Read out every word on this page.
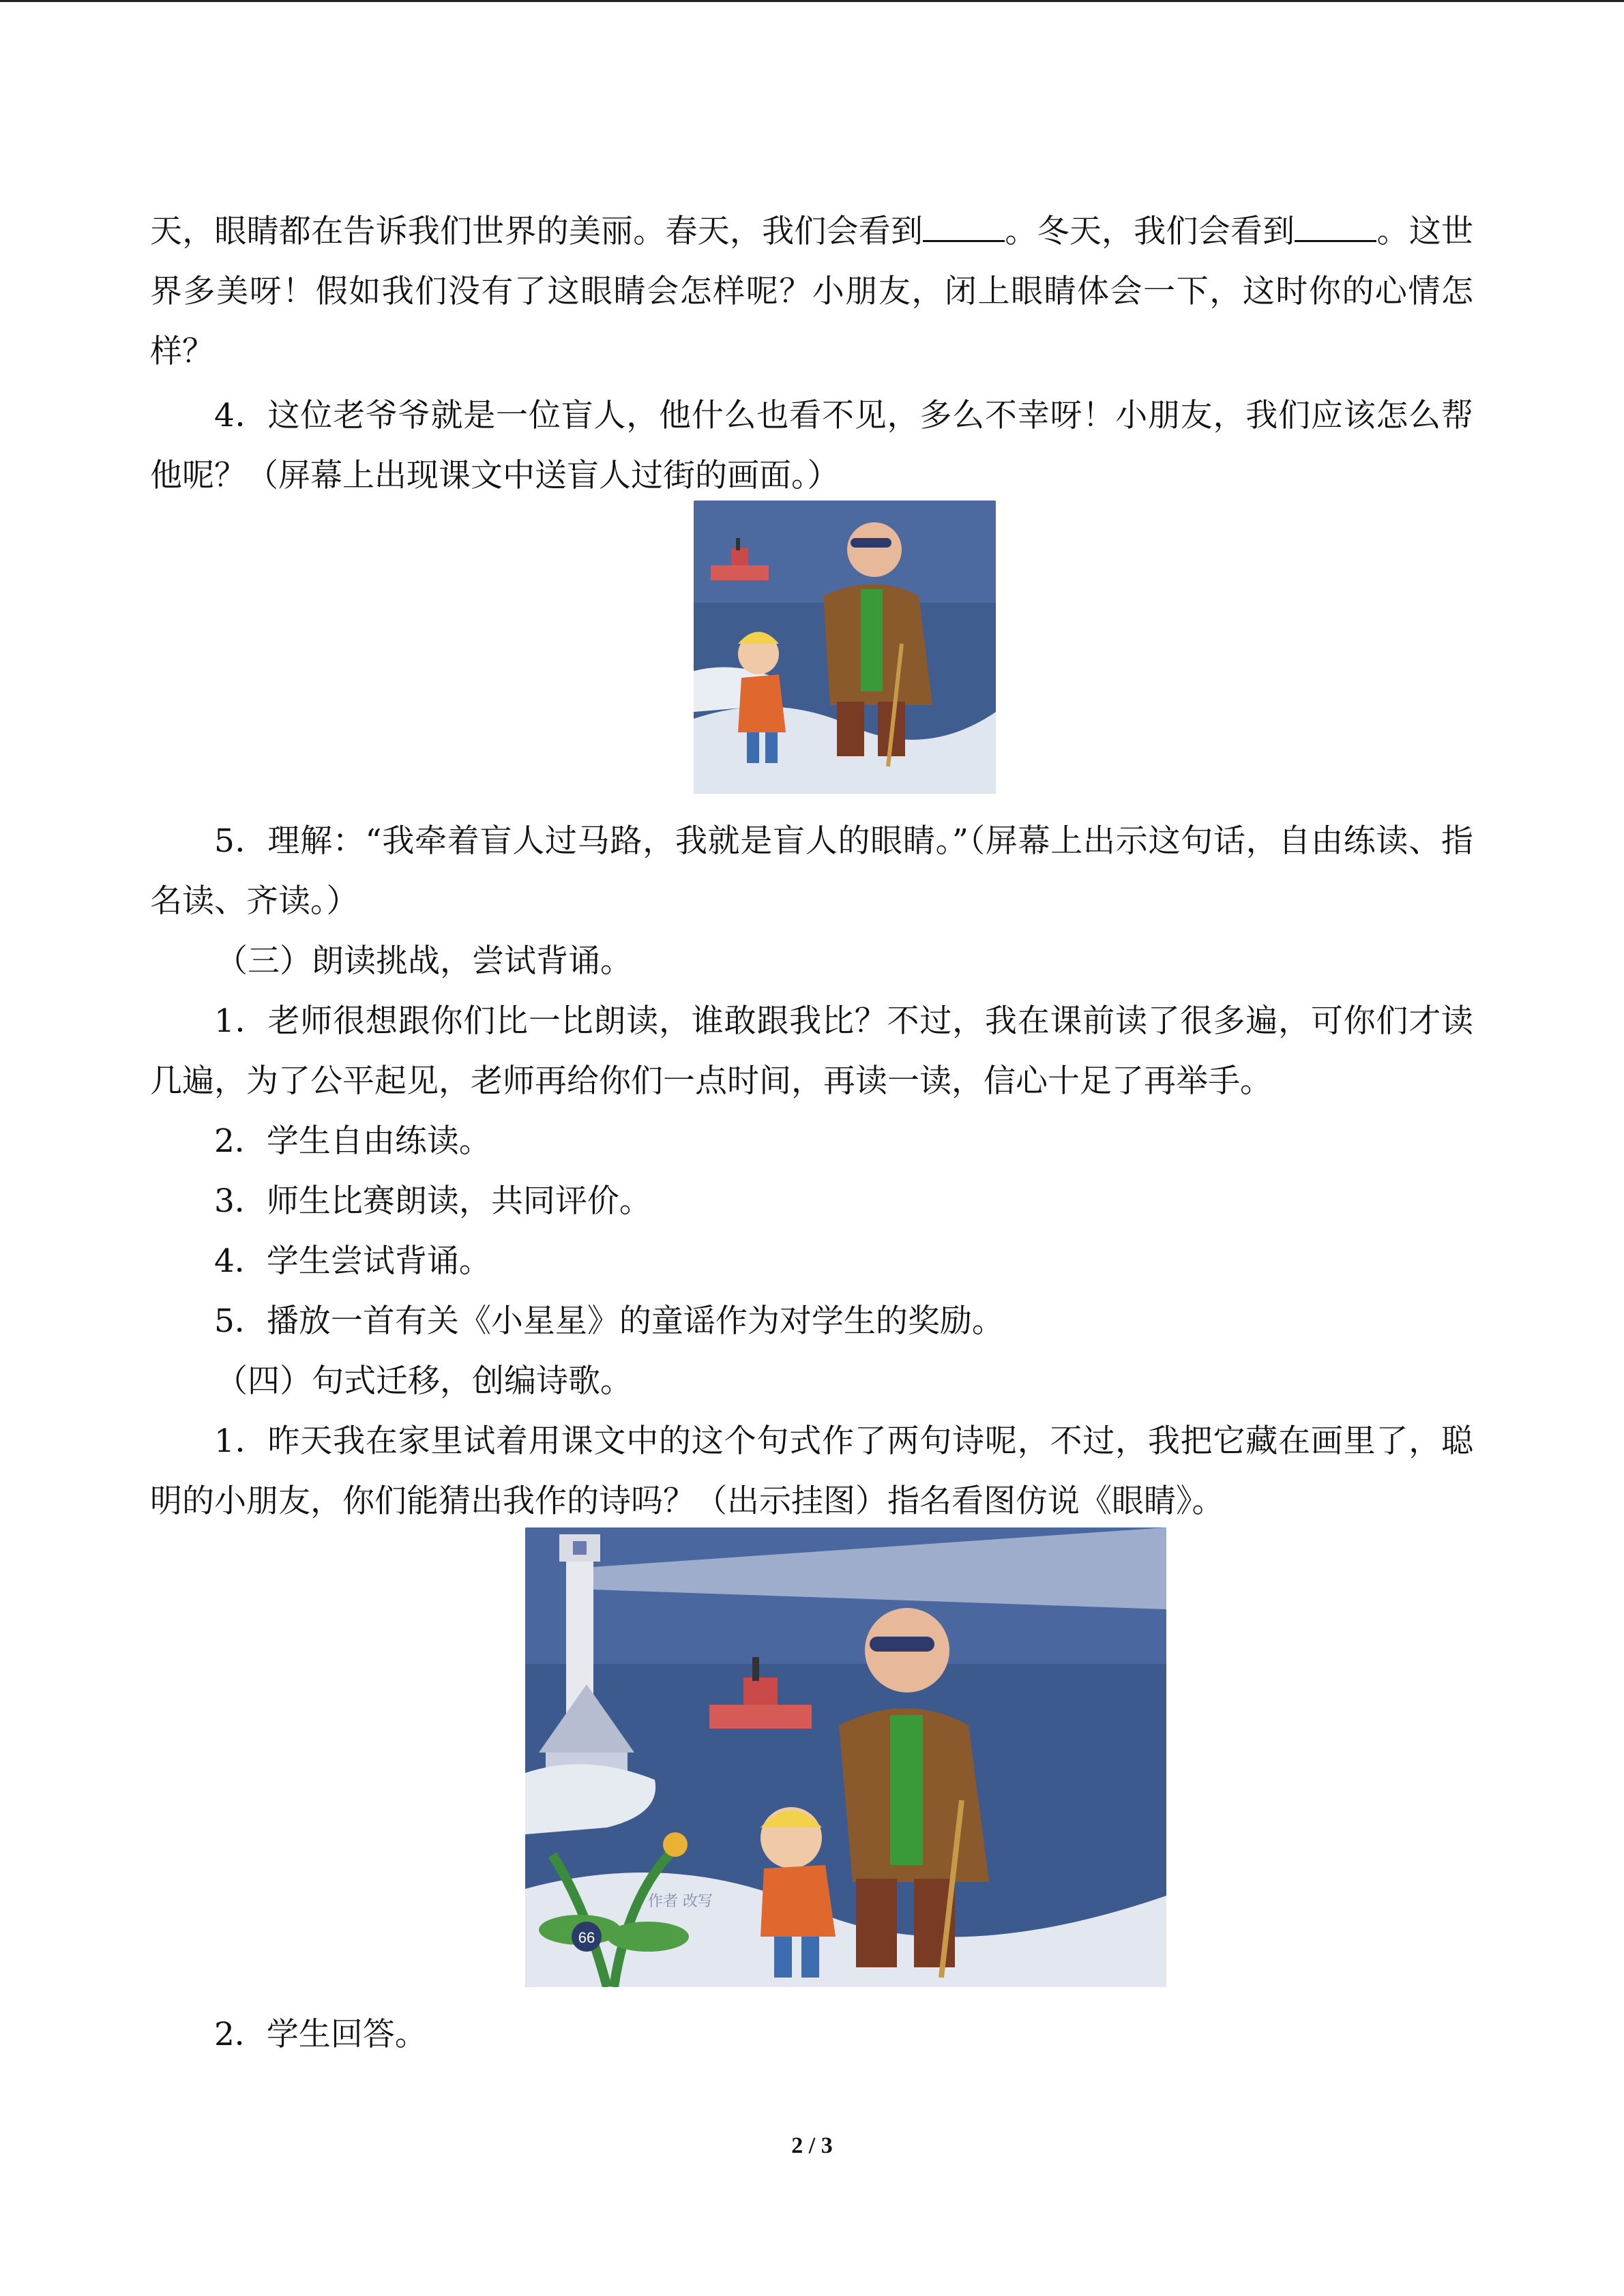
天，眼睛都在告诉我们世界的美丽。春天，我们会看到	。冬天，我们会看到	。这世界多美呀！假如我们没有了这眼睛会怎样呢？小朋友，闭上眼睛体会一下，这时你的心情怎样？

4．这位老爷爷就是一位盲人，他什么也看不见，多么不幸呀！小朋友，我们应该怎么帮他呢？（屏幕上出现课文中送盲人过街的画面。）

5．理解：“我牵着盲人过马路，我就是盲人的眼睛。”（屏幕上出示这句话，自由练读、指名读、齐读。）

（三）朗读挑战，尝试背诵。

1．老师很想跟你们比一比朗读，谁敢跟我比？不过，我在课前读了很多遍，可你们才读几遍，为了公平起见，老师再给你们一点时间，再读一读，信心十足了再举手。

2．学生自由练读。

3．师生比赛朗读，共同评价。

4．学生尝试背诵。

5．播放一首有关《小星星》的童谣作为对学生的奖励。

（四）句式迁移，创编诗歌。

1．昨天我在家里试着用课文中的这个句式作了两句诗呢，不过，我把它藏在画里了，聪明的小朋友，你们能猜出我作的诗吗？（出示挂图）指名看图仿说《眼睛》。

66
作者 改写

2．学生回答。

2 / 3
